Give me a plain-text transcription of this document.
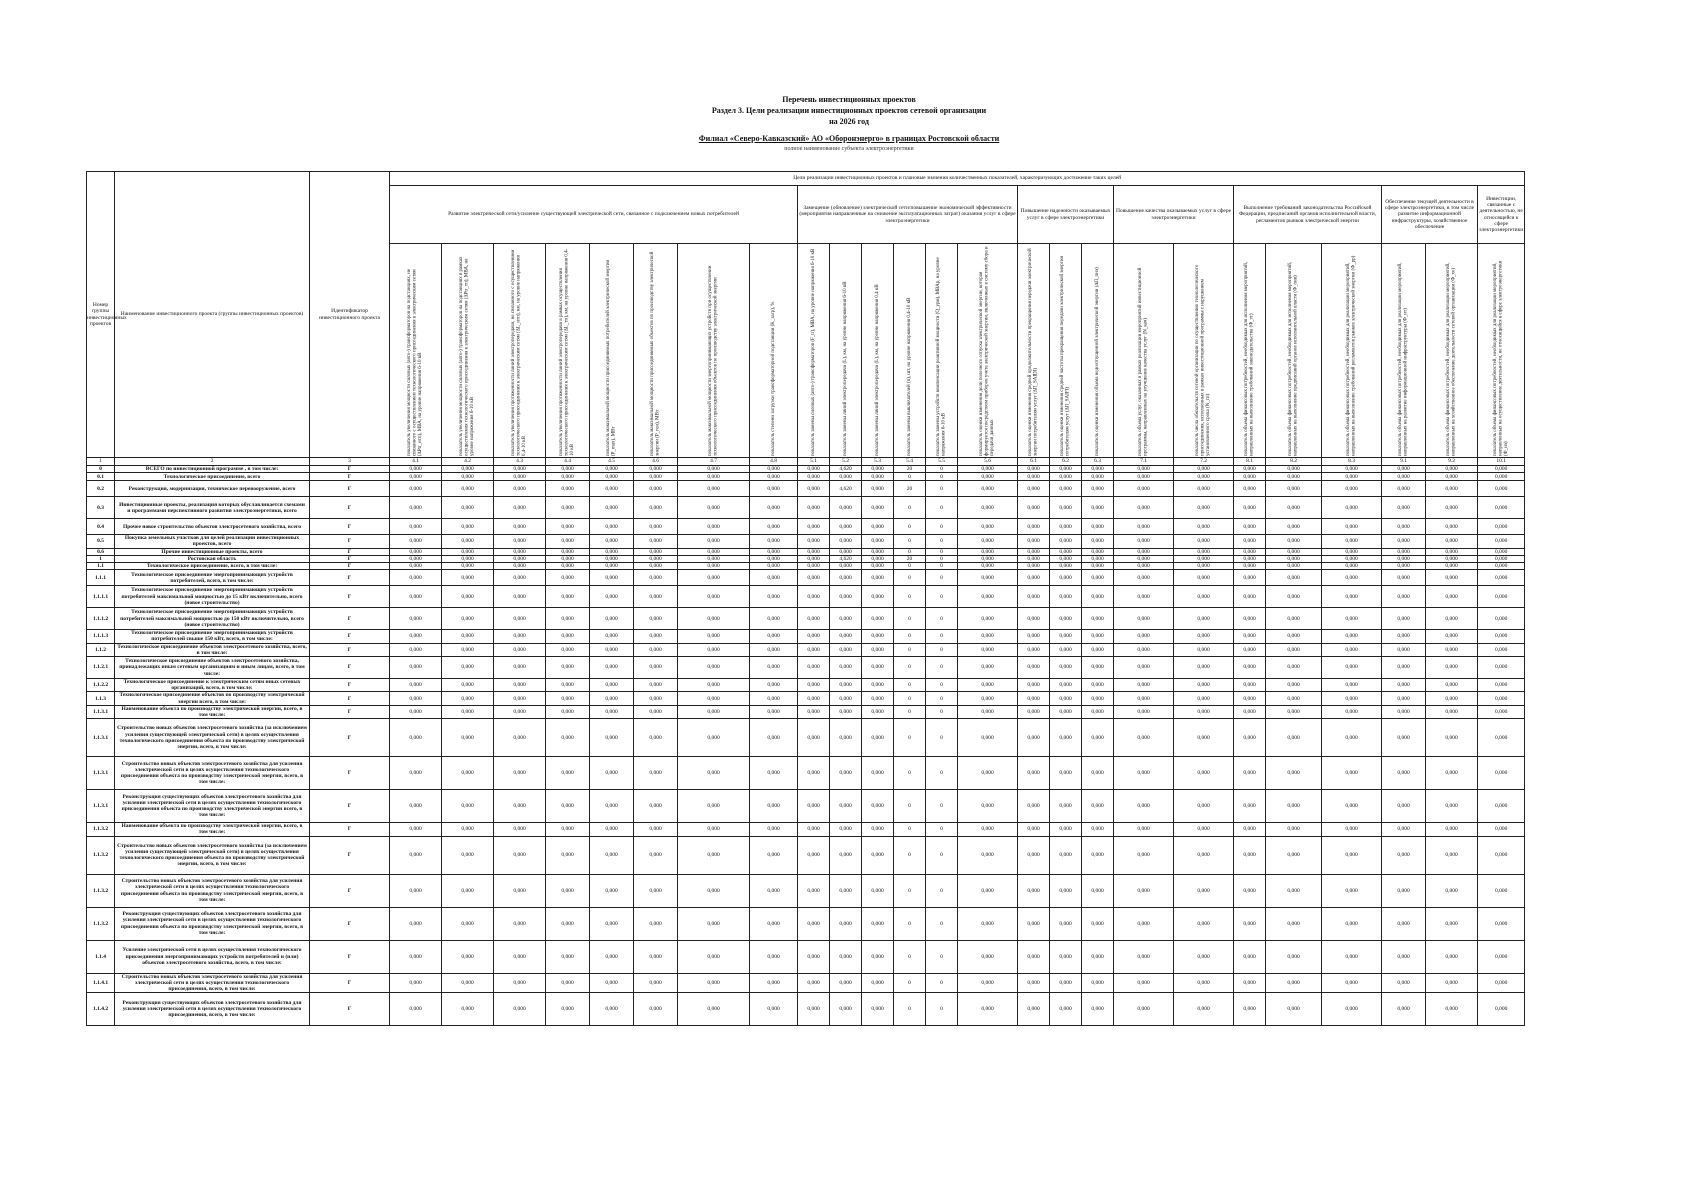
Перечень инвестиционных проектов
Раздел 3. Цели реализации инвестиционных проектов сетевой организации
на 2026 год
Филиал «Северо-Кавказский» АО «Оборонэнерго» в границах Ростовской области
полное наименование субъекта электроэнергетики
Номер группы инвестиционных проектов	Наименование инвестиционного проекта (группы инвестиционных проектов)	Идентификатор инвестиционного проекта	Цели реализации инвестиционных проектов и плановые значения количественных показателей, характеризующих достижение таких целей																								
			Развитие электрической сети/усиление существующей электрической сети, связанное с подключением новых потребителей								Замещение (обновление) электрической сети/повышение экономической эффективности (мероприятия направленные на снижение эксплуатационных затрат) оказания услуг в сфере электроэнергетики						Повышение надежности оказываемых услуг в сфере электроэнергетики			Повышение качества оказываемых услуг в сфере электроэнергетики		Выполнение требований законодательства Российской Федерации, предписаний органов исполнительной власти, регламентов рынков электрической энергии			Обеспечение текущей деятельности в сфере электроэнергетики, в том числе развитие информационной инфраструктуры, хозяйственное обеспечение		Инвестиции, связанные с деятельностью, не относящейся к сфере электроэнергетики

			показатель увеличения мощности силовых (авто-) трансформаторов на подстанциях, не связанного с осуществлением технологического присоединения к электрическим сетям (∆Ptr_нтп), МВА, на уровне напряжения 6-10 кВ	показатель увеличения мощности силовых (авто-) трансформаторов на подстанциях в рамках осуществления технологического присоединения к электрическим сетям (∆Ptr_тп), МВА, на уровне напряжения 6-10 кВ	показатель увеличения протяженности линий электропередачи, не связанного с осуществлением технологического присоединения к электрическим сетям (∆L_нтп), км, на уровне напряжения 0,4-10 кВ	показатель увеличения протяженности линий электропередачи в рамках осуществления технологического присоединения к электрическим сетям (∆L_тп), км, на уровне напряжения 0,4-10 кВ	показатель максимальной мощности присоединяемых потребителей электрической энергии (P_max), МВт	показатель максимальной мощности присоединяемых объектов по производству электрической энергии (P_ген), МВт	показатель максимальной мощности энергопринимающих устройств при осуществлении технологического присоединения объектов по производству электрической энергии	показатель степени загрузки трансформаторной подстанции (K_загр), %	показатель замены силовых (авто-) трансформаторов (F_tr), МВА, на уровне напряжения 6-10 кВ	показатель замены линий электропередачи (L), км, на уровне напряжения 6-10 кВ	показатель замены линий электропередачи (L), км, на уровне напряжения 0,4 кВ	показатель замены выключателей (n), шт, на уровне напряжения 0,4-10 кВ	показатель замены устройств компенсации реактивной мощности (Q_урм), МВАр, на уровне напряжения 6-10 кВ	показатель оценки изменения доли полезного отпуска электрической энергии, которая формируется посредством приборов учета электрической энергии, включенных в систему сбора и передачи данных	показатель оценки изменения средней продолжительности прекращения передачи электрической энергии потребителям услуг (∆П_SAIDI)	показатель оценки изменения средней частоты прекращения передачи электрической энергии потребителям услуг (∆П_SAIFI)	показатель оценки изменения объема недоотпущенной электрической энергии (∆П_пнэ)	показатель объема услуг, оказанных в рамках реализации мероприятий инвестиционной программы, направленных на улучшение качества услуг (N_кач)	показатель числа обязательств сетевой организации по осуществлению технологического присоединения, исполненных в рамках инвестиционной программы с нарушением установленного срока (N_тп)	показатель объема финансовых потребностей, необходимых для исполнения мероприятий, направленных на выполнение требований законодательства (Ф_зт)	показатель объема финансовых потребностей, необходимых для исполнения мероприятий, направленных на выполнение предписаний органов исполнительной власти (Ф_оив)	показатель объема финансовых потребностей, необходимых для реализации мероприятий, направленных на выполнение требований регламентов рынков электрической энергии (Ф_рр)	показатель объема финансовых потребностей, необходимых для реализации мероприятий, направленных на развитие информационной инфраструктуры (Ф_ит)	показатель объема финансовых потребностей, необходимых для реализации мероприятий, направленных на хозяйственное обеспечение деятельности сетевой организации (Ф_хо)	показатель объема финансовых потребностей, необходимых для реализации мероприятий, направленных на осуществление деятельности, не относящейся к сфере электроэнергетики (Ф_нэ)

1	2	3	4.1	4.2	4.3	4.4	4.5	4.6	4.7	4.8	5.1	5.2	5.3	5.4	5.5	5.6	6.1	6.2	6.3	7.1	7.2	8.1	8.2	8.3	9.1	9.2	10.1
0	ВСЕГО по инвестиционной программе , в том числе:	Г	0,000	0,000	0,000	0,000	0,000	0,000	0,000	0,000	0,000	4,620	0,000	20	0	0,000	0,000	0,000	0,000	0,000	0,000	0,000	0,000	0,000	0,000	0,000	0,000
0.1	Технологическое присоединение, всего	Г	0,000	0,000	0,000	0,000	0,000	0,000	0,000	0,000	0,000	0,000	0,000	0	0	0,000	0,000	0,000	0,000	0,000	0,000	0,000	0,000	0,000	0,000	0,000	0,000
0.2	Реконструкция, модернизация, техническое перевооружение, всего	Г	0,000	0,000	0,000	0,000	0,000	0,000	0,000	0,000	0,000	4,620	0,000	20	0	0,000	0,000	0,000	0,000	0,000	0,000	0,000	0,000	0,000	0,000	0,000	0,000
0.3	Инвестиционные проекты, реализация которых обуславливается схемами и программами перспективного развития электроэнергетики, всего	Г	0,000	0,000	0,000	0,000	0,000	0,000	0,000	0,000	0,000	0,000	0,000	0	0	0,000	0,000	0,000	0,000	0,000	0,000	0,000	0,000	0,000	0,000	0,000	0,000
0.4	Прочее новое строительство объектов электросетевого хозяйства, всего	Г	0,000	0,000	0,000	0,000	0,000	0,000	0,000	0,000	0,000	0,000	0,000	0	0	0,000	0,000	0,000	0,000	0,000	0,000	0,000	0,000	0,000	0,000	0,000	0,000
0.5	Покупка земельных участков для целей реализации инвестиционных проектов, всего	Г	0,000	0,000	0,000	0,000	0,000	0,000	0,000	0,000	0,000	0,000	0,000	0	0	0,000	0,000	0,000	0,000	0,000	0,000	0,000	0,000	0,000	0,000	0,000	0,000
0.6	Прочие инвестиционные проекты, всего	Г	0,000	0,000	0,000	0,000	0,000	0,000	0,000	0,000	0,000	0,000	0,000	0	0	0,000	0,000	0,000	0,000	0,000	0,000	0,000	0,000	0,000	0,000	0,000	0,000
1	Ростовская область	Г	0,000	0,000	0,000	0,000	0,000	0,000	0,000	0,000	0,000	4,620	0,000	20	0	0,000	0,000	0,000	0,000	0,000	0,000	0,000	0,000	0,000	0,000	0,000	0,000
1.1	Технологическое присоединение, всего, в том числе:	Г	0,000	0,000	0,000	0,000	0,000	0,000	0,000	0,000	0,000	0,000	0,000	0	0	0,000	0,000	0,000	0,000	0,000	0,000	0,000	0,000	0,000	0,000	0,000	0,000
1.1.1	Технологическое присоединение энергопринимающих устройств потребителей, всего, в том числе:	Г	0,000	0,000	0,000	0,000	0,000	0,000	0,000	0,000	0,000	0,000	0,000	0	0	0,000	0,000	0,000	0,000	0,000	0,000	0,000	0,000	0,000	0,000	0,000	0,000
1.1.1.1	Технологическое присоединение энергопринимающих устройств потребителей максимальной мощностью до 15 кВт включительно, всего (новое строительство)	Г	0,000	0,000	0,000	0,000	0,000	0,000	0,000	0,000	0,000	0,000	0,000	0	0	0,000	0,000	0,000	0,000	0,000	0,000	0,000	0,000	0,000	0,000	0,000	0,000
1.1.1.2	Технологическое присоединение энергопринимающих устройств потребителей максимальной мощностью до 150 кВт включительно, всего (новое строительство)	Г	0,000	0,000	0,000	0,000	0,000	0,000	0,000	0,000	0,000	0,000	0,000	0	0	0,000	0,000	0,000	0,000	0,000	0,000	0,000	0,000	0,000	0,000	0,000	0,000
1.1.1.3	Технологическое присоединение энергопринимающих устройств потребителей свыше 150 кВт, всего, в том числе:	Г	0,000	0,000	0,000	0,000	0,000	0,000	0,000	0,000	0,000	0,000	0,000	0	0	0,000	0,000	0,000	0,000	0,000	0,000	0,000	0,000	0,000	0,000	0,000	0,000
1.1.2	Технологическое присоединение объектов электросетевого хозяйства, всего, в том числе:	Г	0,000	0,000	0,000	0,000	0,000	0,000	0,000	0,000	0,000	0,000	0,000	0	0	0,000	0,000	0,000	0,000	0,000	0,000	0,000	0,000	0,000	0,000	0,000	0,000
1.1.2.1	Технологическое присоединение объектов электросетевого хозяйства, принадлежащих иным сетевым организациям и иным лицам, всего, в том числе:	Г	0,000	0,000	0,000	0,000	0,000	0,000	0,000	0,000	0,000	0,000	0,000	0	0	0,000	0,000	0,000	0,000	0,000	0,000	0,000	0,000	0,000	0,000	0,000	0,000
1.1.2.2	Технологическое присоединение к электрическим сетям иных сетевых организаций, всего, в том числе:	Г	0,000	0,000	0,000	0,000	0,000	0,000	0,000	0,000	0,000	0,000	0,000	0	0	0,000	0,000	0,000	0,000	0,000	0,000	0,000	0,000	0,000	0,000	0,000	0,000
1.1.3	Технологическое присоединение объектов по производству электрической энергии всего, в том числе:	Г	0,000	0,000	0,000	0,000	0,000	0,000	0,000	0,000	0,000	0,000	0,000	0	0	0,000	0,000	0,000	0,000	0,000	0,000	0,000	0,000	0,000	0,000	0,000	0,000
1.1.3.1	Наименование объекта по производству электрической энергии, всего, в том числе:	Г	0,000	0,000	0,000	0,000	0,000	0,000	0,000	0,000	0,000	0,000	0,000	0	0	0,000	0,000	0,000	0,000	0,000	0,000	0,000	0,000	0,000	0,000	0,000	0,000
1.1.3.1	Строительство новых объектов электросетевого хозяйства (за исключением усиления существующей электрической сети) в целях осуществления технологического присоединения объекта по производству электрической энергии, всего, в том числе:	Г	0,000	0,000	0,000	0,000	0,000	0,000	0,000	0,000	0,000	0,000	0,000	0	0	0,000	0,000	0,000	0,000	0,000	0,000	0,000	0,000	0,000	0,000	0,000	0,000
1.1.3.1	Строительство новых объектов электросетевого хозяйства для усиления электрической сети в целях осуществления технологического присоединения объекта по производству электрической энергии, всего, в том числе:	Г	0,000	0,000	0,000	0,000	0,000	0,000	0,000	0,000	0,000	0,000	0,000	0	0	0,000	0,000	0,000	0,000	0,000	0,000	0,000	0,000	0,000	0,000	0,000	0,000
1.1.3.1	Реконструкция существующих объектов электросетевого хозяйства для усиления электрической сети в целях осуществления технологического присоединения объекта по производству электрической энергии всего, в том числе:	Г	0,000	0,000	0,000	0,000	0,000	0,000	0,000	0,000	0,000	0,000	0,000	0	0	0,000	0,000	0,000	0,000	0,000	0,000	0,000	0,000	0,000	0,000	0,000	0,000
1.1.3.2	Наименование объекта по производству электрической энергии, всего, в том числе:	Г	0,000	0,000	0,000	0,000	0,000	0,000	0,000	0,000	0,000	0,000	0,000	0	0	0,000	0,000	0,000	0,000	0,000	0,000	0,000	0,000	0,000	0,000	0,000	0,000
1.1.3.2	Строительство новых объектов электросетевого хозяйства (за исключением усиления существующей электрической сети) в целях осуществления технологического присоединения объекта по производству электрической энергии, всего, в том числе:	Г	0,000	0,000	0,000	0,000	0,000	0,000	0,000	0,000	0,000	0,000	0,000	0	0	0,000	0,000	0,000	0,000	0,000	0,000	0,000	0,000	0,000	0,000	0,000	0,000
1.1.3.2	Строительство новых объектов электросетевого хозяйства для усиления электрической сети в целях осуществления технологического присоединения объекта по производству электрической энергии, всего, в том числе:	Г	0,000	0,000	0,000	0,000	0,000	0,000	0,000	0,000	0,000	0,000	0,000	0	0	0,000	0,000	0,000	0,000	0,000	0,000	0,000	0,000	0,000	0,000	0,000	0,000
1.1.3.2	Реконструкция существующих объектов электросетевого хозяйства для усиления электрической сети в целях осуществления технологического присоединения объекта по производству электрической энергии, всего, в том числе:	Г	0,000	0,000	0,000	0,000	0,000	0,000	0,000	0,000	0,000	0,000	0,000	0	0	0,000	0,000	0,000	0,000	0,000	0,000	0,000	0,000	0,000	0,000	0,000	0,000
1.1.4	Усиление электрической сети в целях осуществления технологического присоединения энергопринимающих устройств потребителей и (или) объектов электросетевого хозяйства, всего, в том числе:	Г	0,000	0,000	0,000	0,000	0,000	0,000	0,000	0,000	0,000	0,000	0,000	0	0	0,000	0,000	0,000	0,000	0,000	0,000	0,000	0,000	0,000	0,000	0,000	0,000
1.1.4.1	Строительство новых объектов электросетевого хозяйства для усиления электрической сети в целях осуществления технологического присоединения, всего, в том числе:	Г	0,000	0,000	0,000	0,000	0,000	0,000	0,000	0,000	0,000	0,000	0,000	0	0	0,000	0,000	0,000	0,000	0,000	0,000	0,000	0,000	0,000	0,000	0,000	0,000
1.1.4.2	Реконструкция существующих объектов электросетевого хозяйства для усиления электрической сети в целях осуществления технологического присоединения, всего, в том числе:	Г	0,000	0,000	0,000	0,000	0,000	0,000	0,000	0,000	0,000	0,000	0,000	0	0	0,000	0,000	0,000	0,000	0,000	0,000	0,000	0,000	0,000	0,000	0,000	0,000
